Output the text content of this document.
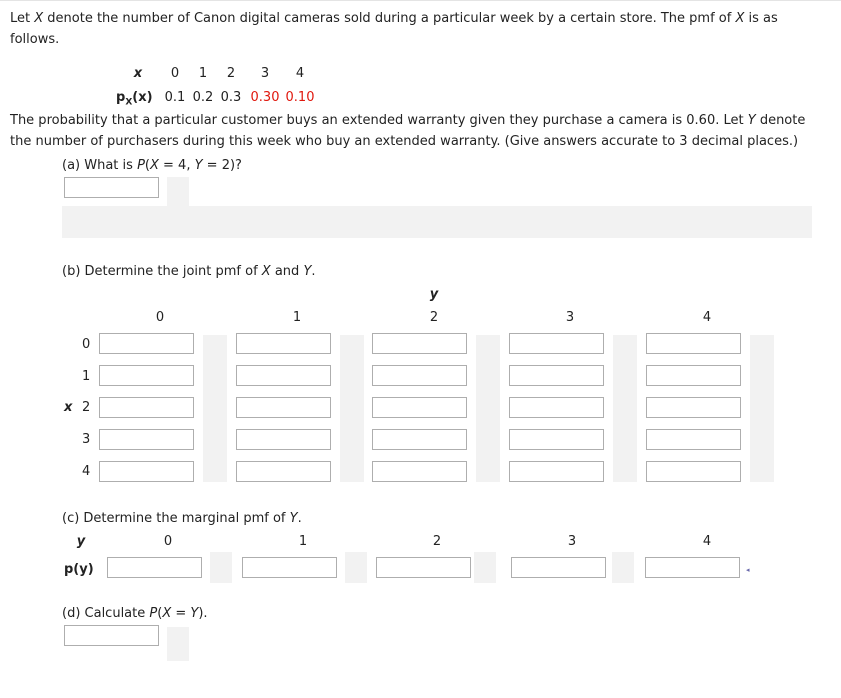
Let X denote the number of Canon digital cameras sold during a particular week by a certain store. The pmf of X is as
follows.
x 0 1 2 3 4
$p_X(x)$ 0.1 0.2 0.3 0.30 0.10
The probability that a particular customer buys an extended warranty given they purchase a camera is 0.60. Let Y denote
the number of purchasers during this week who buy an extended warranty. (Give answers accurate to 3 decimal places.)
(a) What is P(X = 4, Y = 2)?
(b) Determine the joint pmf of X and Y.
y
0	1	2	3	4
x
0
1
2
3
4
(c) Determine the marginal pmf of Y.
y	0	1	2	3	4
p(y)	◂
(d) Calculate P(X = Y).
